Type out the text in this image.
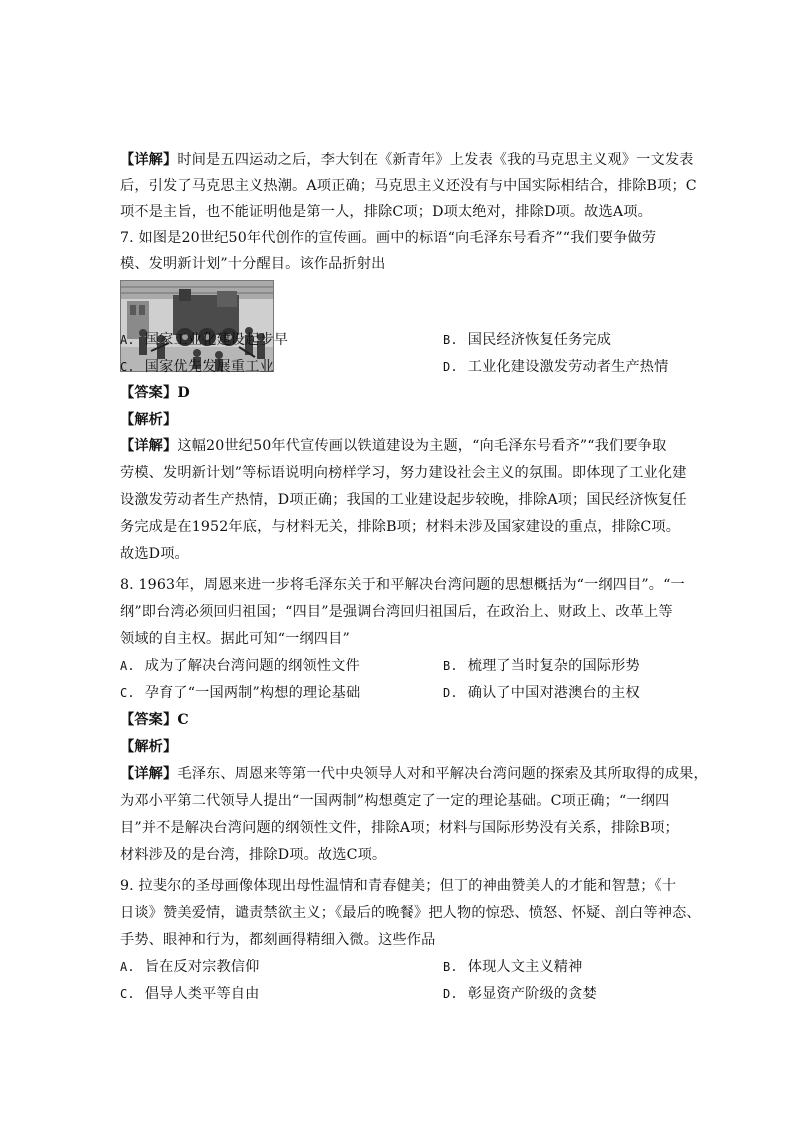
【详解】时间是五四运动之后，李大钊在《新青年》上发表《我的马克思主义观》一文发表
后，引发了马克思主义热潮。A项正确；马克思主义还没有与中国实际相结合，排除B项；C
项不是主旨，也不能证明他是第一人，排除C项；D项太绝对，排除D项。故选A项。
7. 如图是20世纪50年代创作的宣传画。画中的标语“向毛泽东号看齐”“我们要争做劳
模、发明新计划”十分醒目。该作品折射出
A. 国家工业化建设起步早	B. 国民经济恢复任务完成
C. 国家优先发展重工业	D. 工业化建设激发劳动者生产热情
【答案】D
【解析】
【详解】这幅20世纪50年代宣传画以铁道建设为主题，“向毛泽东号看齐”“我们要争取
劳模、发明新计划”等标语说明向榜样学习，努力建设社会主义的氛围。即体现了工业化建
设激发劳动者生产热情，D项正确；我国的工业建设起步较晚，排除A项；国民经济恢复任
务完成是在1952年底，与材料无关，排除B项；材料未涉及国家建设的重点，排除C项。
故选D项。
8. 1963年，周恩来进一步将毛泽东关于和平解决台湾问题的思想概括为“一纲四目”。“一
纲”即台湾必须回归祖国；“四目”是强调台湾回归祖国后，在政治上、财政上、改革上等
领域的自主权。据此可知“一纲四目”
A. 成为了解决台湾问题的纲领性文件	B. 梳理了当时复杂的国际形势
C. 孕育了“一国两制”构想的理论基础	D. 确认了中国对港澳台的主权
【答案】C
【解析】
【详解】毛泽东、周恩来等第一代中央领导人对和平解决台湾问题的探索及其所取得的成果，
为邓小平第二代领导人提出“一国两制”构想奠定了一定的理论基础。C项正确；“一纲四
目”并不是解决台湾问题的纲领性文件，排除A项；材料与国际形势没有关系，排除B项；
材料涉及的是台湾，排除D项。故选C项。
9. 拉斐尔的圣母画像体现出母性温情和青春健美；但丁的神曲赞美人的才能和智慧；《十
日谈》赞美爱情，谴责禁欲主义；《最后的晚餐》把人物的惊恐、愤怒、怀疑、剖白等神态、
手势、眼神和行为，都刻画得精细入微。这些作品
A. 旨在反对宗教信仰	B. 体现人文主义精神
C. 倡导人类平等自由	D. 彰显资产阶级的贪婪
